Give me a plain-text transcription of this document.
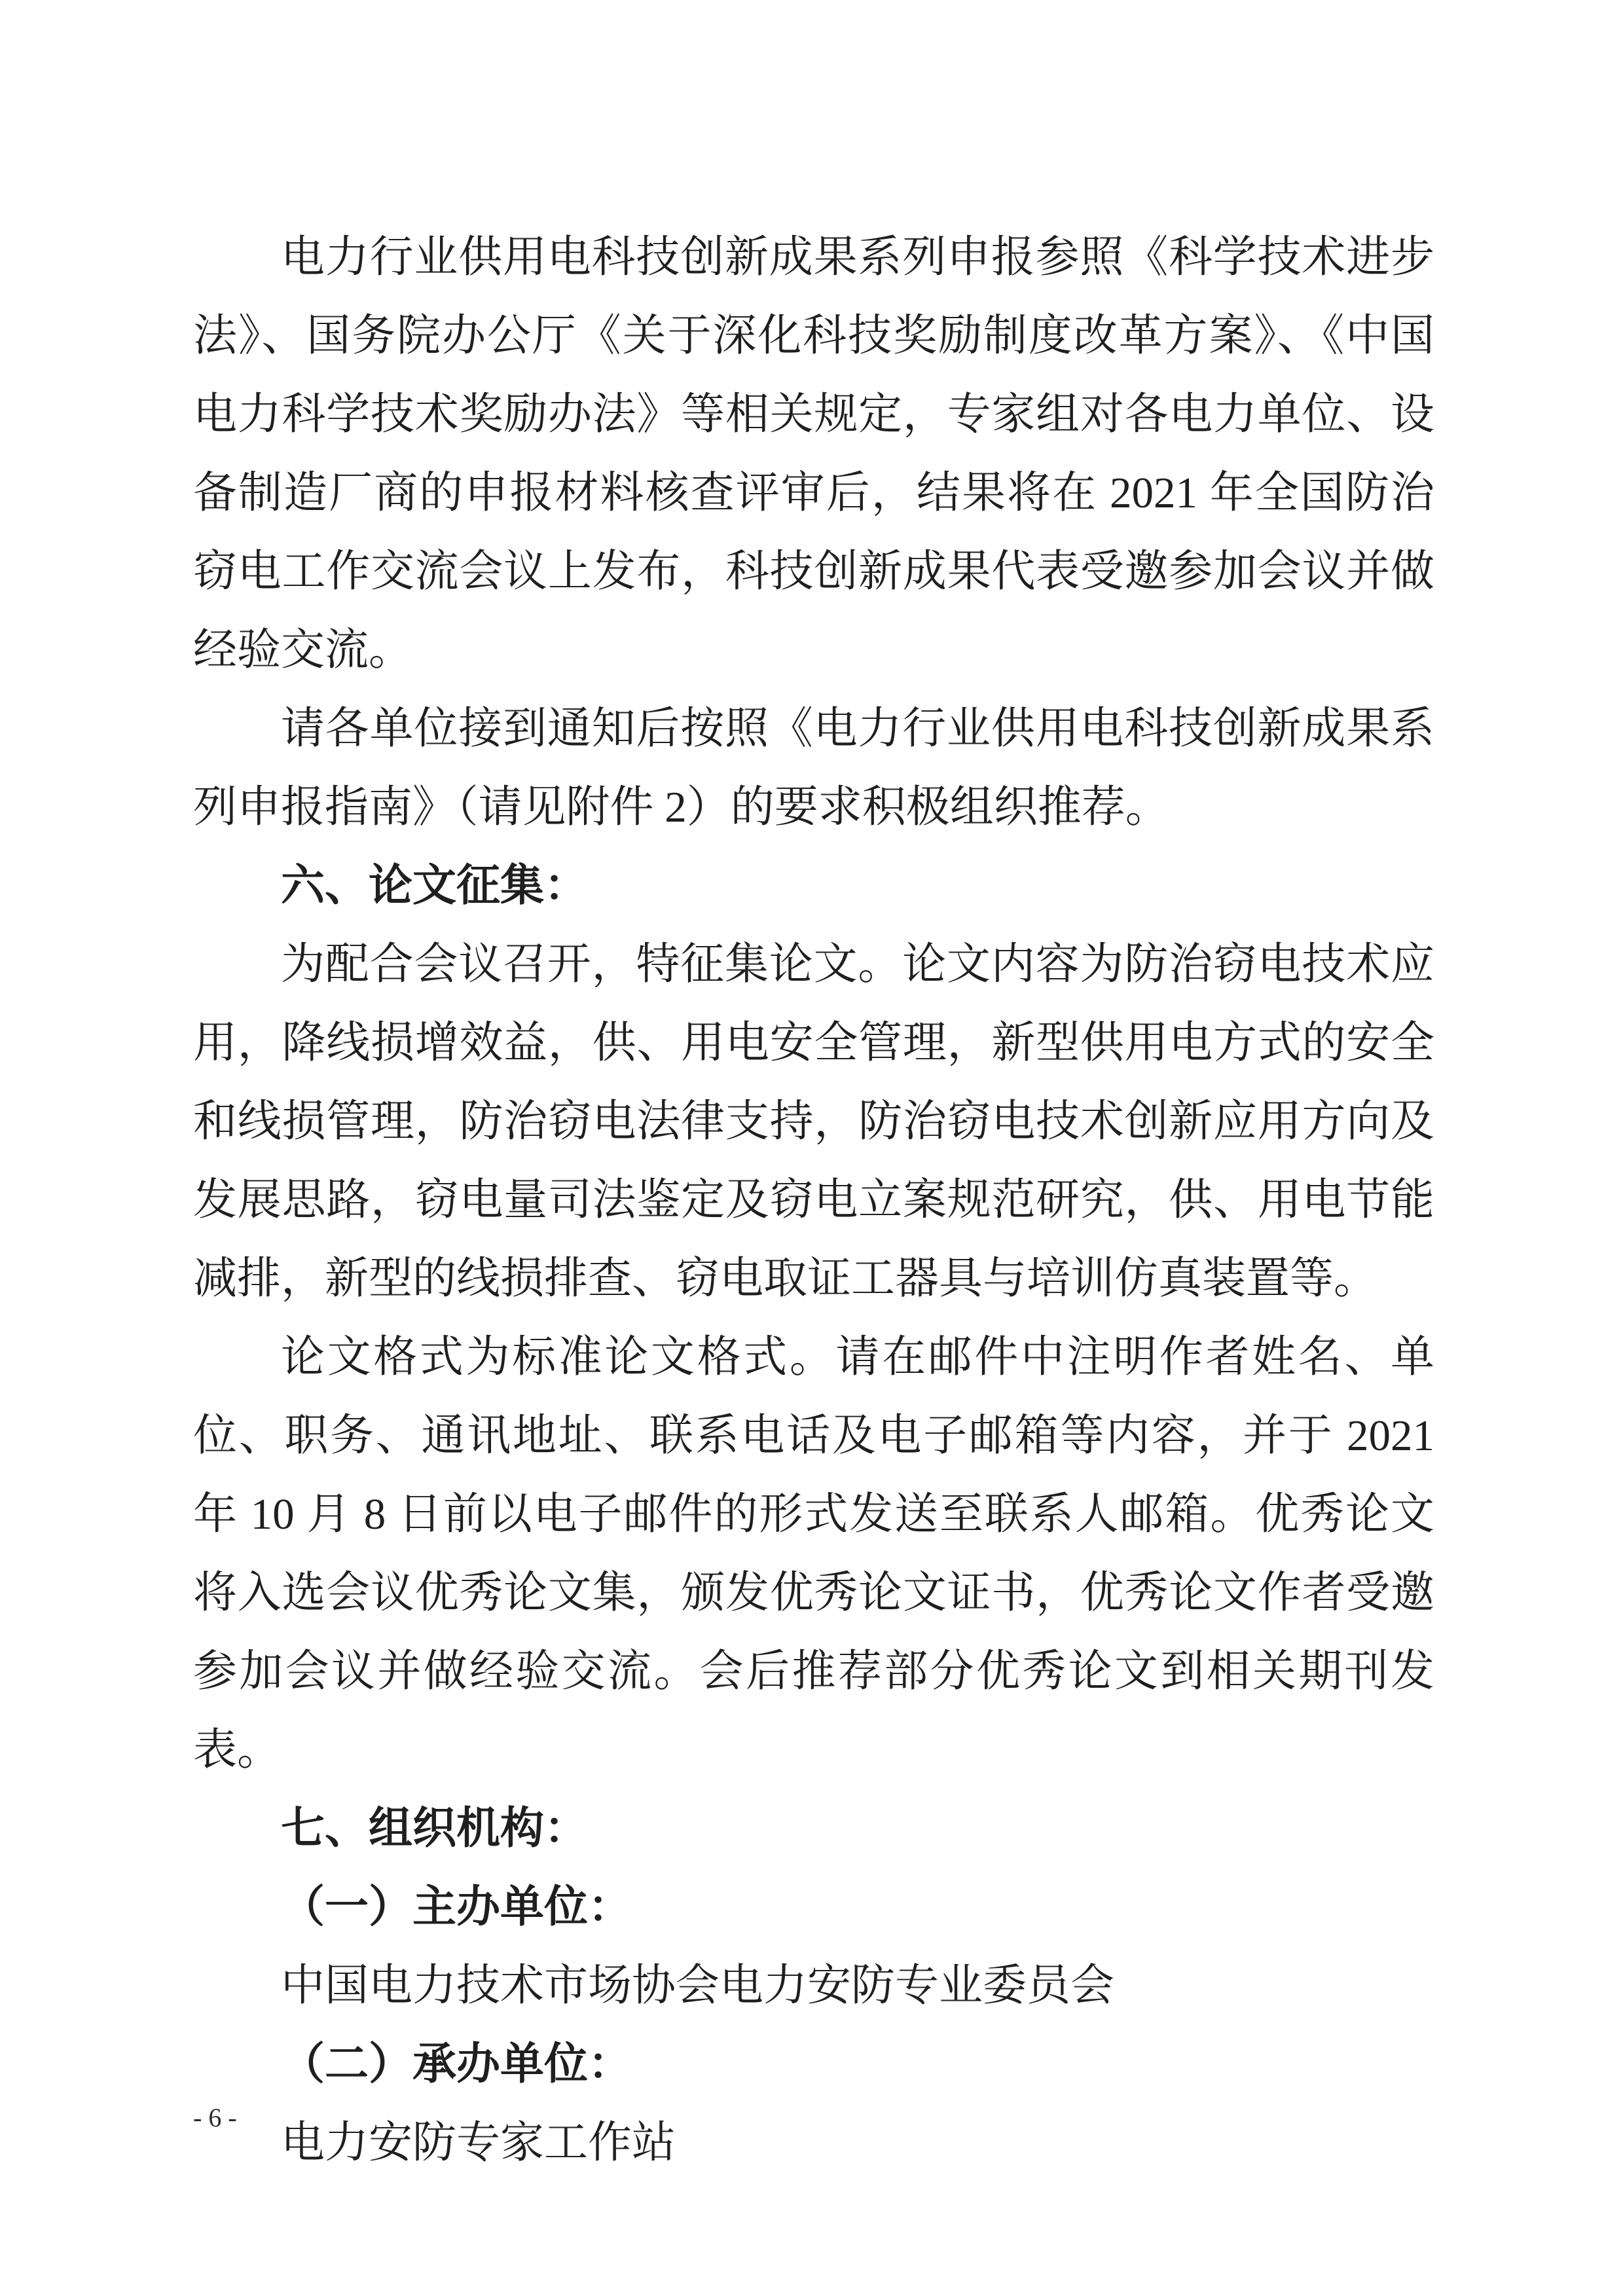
电力行业供用电科技创新成果系列申报参照《科学技术进步法》、国务院办公厅《关于深化科技奖励制度改革方案》、《中国电力科学技术奖励办法》等相关规定，专家组对各电力单位、设备制造厂商的申报材料核查评审后，结果将在 2021 年全国防治窃电工作交流会议上发布，科技创新成果代表受邀参加会议并做经验交流。

请各单位接到通知后按照《电力行业供用电科技创新成果系列申报指南》（请见附件 2）的要求积极组织推荐。

六、论文征集：

为配合会议召开，特征集论文。论文内容为防治窃电技术应用，降线损增效益，供、用电安全管理，新型供用电方式的安全和线损管理，防治窃电法律支持，防治窃电技术创新应用方向及发展思路，窃电量司法鉴定及窃电立案规范研究，供、用电节能减排，新型的线损排查、窃电取证工器具与培训仿真装置等。

论文格式为标准论文格式。请在邮件中注明作者姓名、单位、职务、通讯地址、联系电话及电子邮箱等内容，并于 2021 年 10 月 8 日前以电子邮件的形式发送至联系人邮箱。优秀论文将入选会议优秀论文集，颁发优秀论文证书，优秀论文作者受邀参加会议并做经验交流。会后推荐部分优秀论文到相关期刊发表。

七、组织机构：

（一）主办单位：

中国电力技术市场协会电力安防专业委员会

（二）承办单位：

电力安防专家工作站

- 6 -
